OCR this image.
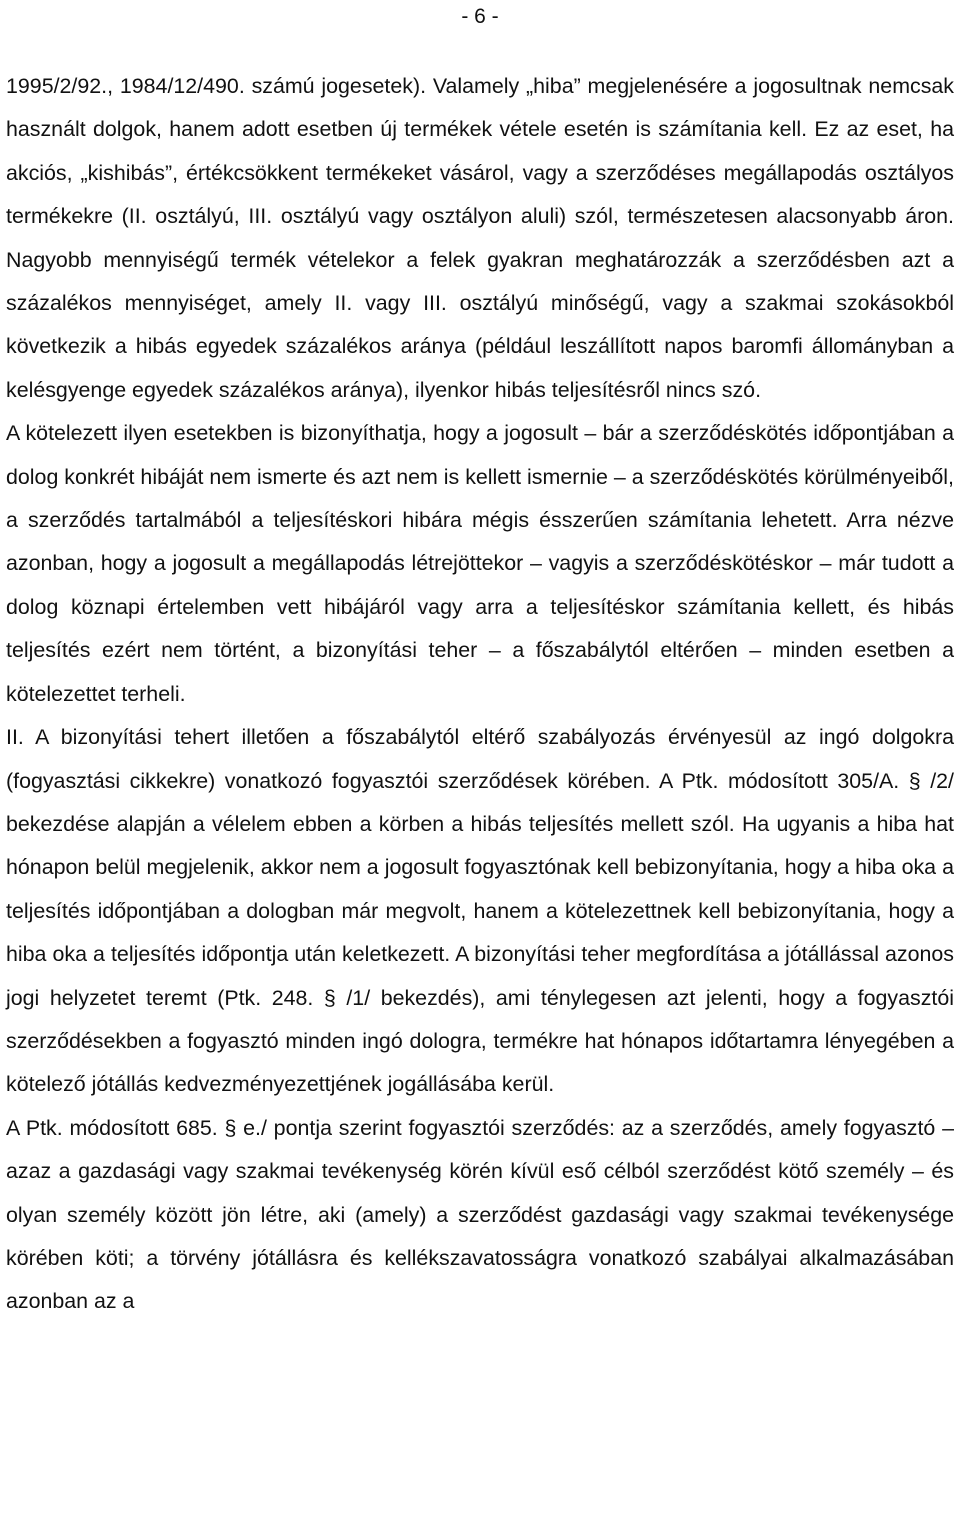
- 6 -

1995/2/92., 1984/12/490. számú jogesetek). Valamely „hiba” megjelenésére a jogosultnak nemcsak használt dolgok, hanem adott esetben új termékek vétele esetén is számítania kell. Ez az eset, ha akciós, „kishibás”, értékcsökkent termékeket vásárol, vagy a szerződéses megállapodás osztályos termékekre (II. osztályú, III. osztályú vagy osztályon aluli) szól, természetesen alacsonyabb áron. Nagyobb mennyiségű termék vételekor a felek gyakran meghatározzák a szerződésben azt a százalékos mennyiséget, amely II. vagy III. osztályú minőségű, vagy a szakmai szokásokból következik a hibás egyedek százalékos aránya (például leszállított napos baromfi állományban a kelésgyenge egyedek százalékos aránya), ilyenkor hibás teljesítésről nincs szó.

A kötelezett ilyen esetekben is bizonyíthatja, hogy a jogosult – bár a szerződéskötés időpontjában a dolog konkrét hibáját nem ismerte és azt nem is kellett ismernie – a szerződéskötés körülményeiből, a szerződés tartalmából a teljesítéskori hibára mégis ésszerűen számítania lehetett. Arra nézve azonban, hogy a jogosult a megállapodás létrejöttekor – vagyis a szerződéskötéskor – már tudott a dolog köznapi értelemben vett hibájáról vagy arra a teljesítéskor számítania kellett, és hibás teljesítés ezért nem történt, a bizonyítási teher – a főszabálytól eltérően – minden esetben a kötelezettet terheli.

II. A bizonyítási tehert illetően a főszabálytól eltérő szabályozás érvényesül az ingó dolgokra (fogyasztási cikkekre) vonatkozó fogyasztói szerződések körében. A Ptk. módosított 305/A. § /2/ bekezdése alapján a vélelem ebben a körben a hibás teljesítés mellett szól. Ha ugyanis a hiba hat hónapon belül megjelenik, akkor nem a jogosult fogyasztónak kell bebizonyítania, hogy a hiba oka a teljesítés időpontjában a dologban már megvolt, hanem a kötelezettnek kell bebizonyítania, hogy a hiba oka a teljesítés időpontja után keletkezett. A bizonyítási teher megfordítása a jótállással azonos jogi helyzetet teremt (Ptk. 248. § /1/ bekezdés), ami ténylegesen azt jelenti, hogy a fogyasztói szerződésekben a fogyasztó minden ingó dologra, termékre hat hónapos időtartamra lényegében a kötelező jótállás kedvezményezettjének jogállásába kerül.

A Ptk. módosított 685. § e./ pontja szerint fogyasztói szerződés: az a szerződés, amely fogyasztó – azaz a gazdasági vagy szakmai tevékenység körén kívül eső célból szerződést kötő személy – és olyan személy között jön létre, aki (amely) a szerződést gazdasági vagy szakmai tevékenysége körében köti; a törvény jótállásra és kellékszavatosságra vonatkozó szabályai alkalmazásában azonban az a
